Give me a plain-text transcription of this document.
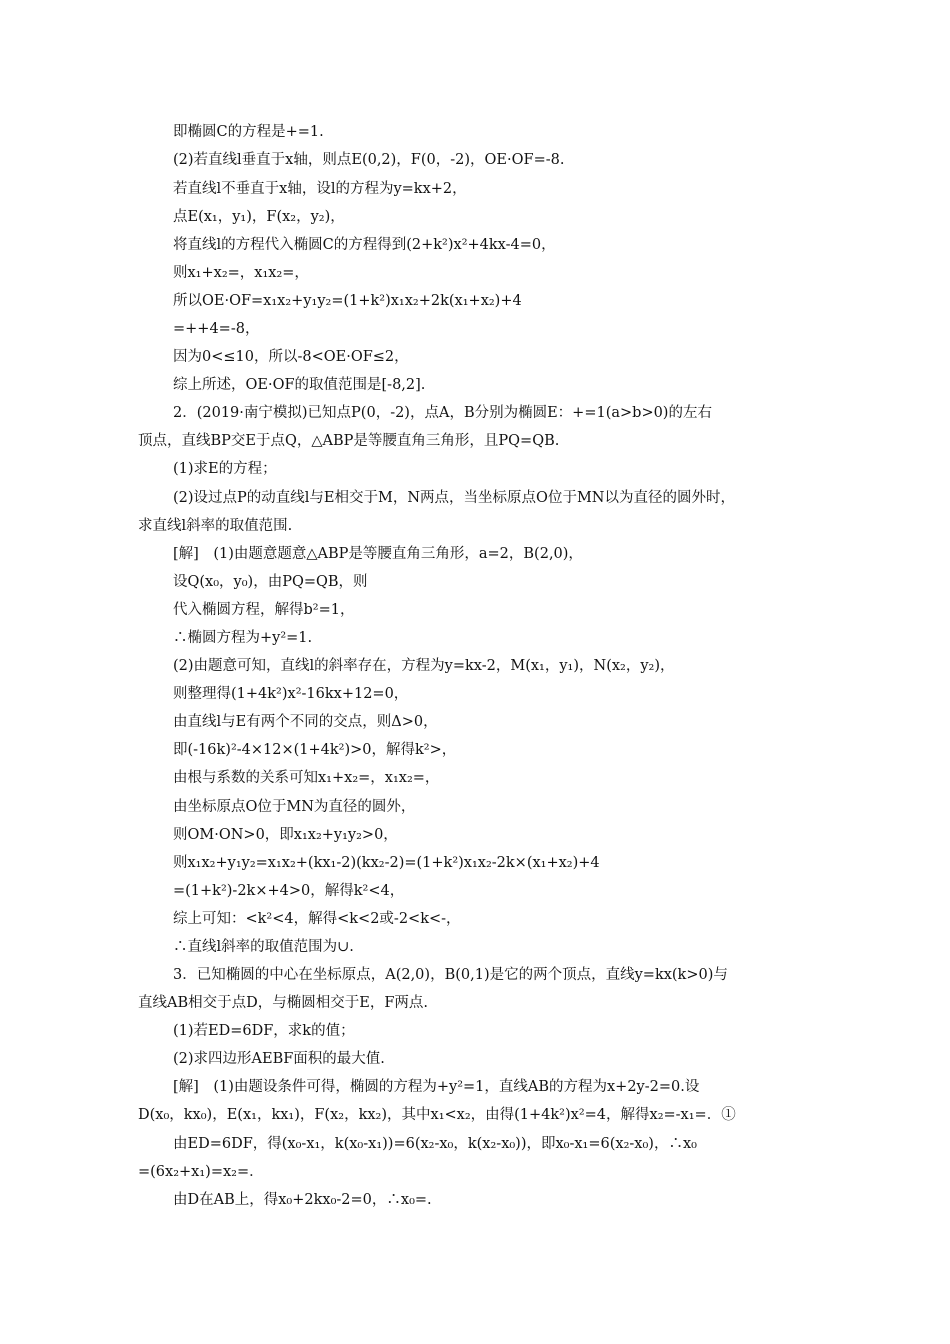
即椭圆C的方程是+=1.
(2)若直线l垂直于x轴，则点E(0,2)，F(0，-2)，OE·OF=-8.
若直线l不垂直于x轴，设l的方程为y=kx+2，
点E(x₁，y₁)，F(x₂，y₂)，
将直线l的方程代入椭圆C的方程得到(2+k²)x²+4kx-4=0，
则x₁+x₂=，x₁x₂=，
所以OE·OF=x₁x₂+y₁y₂=(1+k²)x₁x₂+2k(x₁+x₂)+4
=++4=-8，
因为0<≤10，所以-8<OE·OF≤2，
综上所述，OE·OF的取值范围是[-8,2].
2．(2019·南宁模拟)已知点P(0，-2)，点A，B分别为椭圆E：+=1(a>b>0)的左右
顶点，直线BP交E于点Q，△ABP是等腰直角三角形，且PQ=QB.
(1)求E的方程；
(2)设过点P的动直线l与E相交于M，N两点，当坐标原点O位于MN以为直径的圆外时，
求直线l斜率的取值范围.
[解]　(1)由题意题意△ABP是等腰直角三角形，a=2，B(2,0)，
设Q(x₀，y₀)，由PQ=QB，则
代入椭圆方程，解得b²=1，
∴椭圆方程为+y²=1.
(2)由题意可知，直线l的斜率存在，方程为y=kx-2，M(x₁，y₁)，N(x₂，y₂)，
则整理得(1+4k²)x²-16kx+12=0，
由直线l与E有两个不同的交点，则Δ>0，
即(-16k)²-4×12×(1+4k²)>0，解得k²>，
由根与系数的关系可知x₁+x₂=，x₁x₂=，
由坐标原点O位于MN为直径的圆外，
则OM·ON>0，即x₁x₂+y₁y₂>0，
则x₁x₂+y₁y₂=x₁x₂+(kx₁-2)(kx₂-2)=(1+k²)x₁x₂-2k×(x₁+x₂)+4
=(1+k²)-2k×+4>0，解得k²<4，
综上可知：<k²<4，解得<k<2或-2<k<-，
∴直线l斜率的取值范围为∪.
3．已知椭圆的中心在坐标原点，A(2,0)，B(0,1)是它的两个顶点，直线y=kx(k>0)与
直线AB相交于点D，与椭圆相交于E，F两点.
(1)若ED=6DF，求k的值；
(2)求四边形AEBF面积的最大值.
[解]　(1)由题设条件可得，椭圆的方程为+y²=1，直线AB的方程为x+2y-2=0.设
D(x₀，kx₀)，E(x₁，kx₁)，F(x₂，kx₂)，其中x₁<x₂，由得(1+4k²)x²=4，解得x₂=-x₁=．①
由ED=6DF，得(x₀-x₁，k(x₀-x₁))=6(x₂-x₀，k(x₂-x₀))，即x₀-x₁=6(x₂-x₀)，∴x₀
=(6x₂+x₁)=x₂=．
由D在AB上，得x₀+2kx₀-2=0，∴x₀=.
